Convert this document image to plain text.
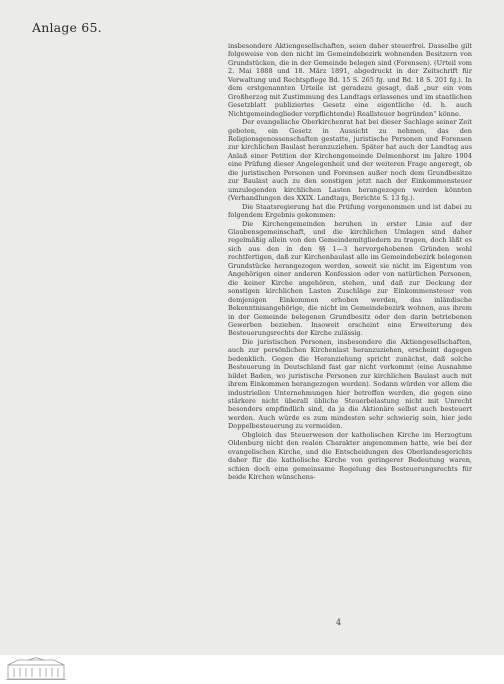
Anlage 65.

insbesondere Aktiengesellschaften, seien daher steuerfrei. Dasselbe gilt folgeweise von den nicht im Gemeindebezirk wohnenden Besitzern von Grundstücken, die in der Gemeinde belegen sind (Forensen). (Urteil vom 2. Mai 1888 und 18. März 1891, abgedruckt in der Zeitschrift für Verwaltung und Rechtspflege Bd. 15 S. 265 fg. und Bd. 18 S. 201 fg.). In dem erstgenannten Urteile ist geradezu gesagt, daß „nur ein vom Großherzog mit Zustimmung des Landtags erlassenes und im staatlichen Gesetzblatt publiziertes Gesetz eine eigentliche (d. h. auch Nichtgemeindeglieder verpflichtende) Reallsteuer begründen“ könne.

Der evangelische Oberkirchenrat hat bei dieser Sachlage seiner Zeit geboten, ein Gesetz in Aussicht zu nehmen, das den Religionsgenossenschaften gestatte, juristische Personen und Forensen zur kirchlichen Baulast heranzuziehen. Später hat auch der Landtag aus Anlaß einer Petition der Kirchengemeinde Delmenhorst im Jahre 1904 eine Prüfung dieser Angelegenheit und der weiteren Frage angeregt, ob die juristischen Personen und Forensen außer noch dem Grundbesitze zur Baulast auch zu den sonstigen jetzt nach der Einkommensteuer umzulegenden kirchlichen Lasten herangezogen werden könnten (Verhandlungen des XXIX. Landtags, Berichte S. 13 fg.).

Die Staatsregierung hat die Prüfung vorgenommen und ist dabei zu folgendem Ergebnis gekommen:

Die Kirchengemeinden beruhen in erster Linie auf der Glaubensgemeinschaft, und die kirchlichen Umlagen sind daher regelmäßig allein von den Gemeindemitgliedern zu tragen, doch läßt es sich aus den in den §§ 1—3 hervorgehobenen Gründen wohl rechtfertigen, daß zur Kirchenbaulast alle im Gemeindebezirk belegenen Grundstücke herangezogen werden, soweit sie nicht im Eigentum von Angehörigen einer anderen Konfession oder von natürlichen Personen, die keiner Kirche angehören, stehen, und daß zur Deckung der sonstigen kirchlichen Lasten Zuschläge zur Einkommensteuer von demjenigen Einkommen erhoben werden, das inländische Bekenntnisangehörige, die nicht im Gemeindebezirk wohnen, aus ihrem in der Gemeinde belegenen Grundbesitz oder den darin betriebenen Gewerben beziehen. Insoweit erscheint eine Erweiterung des Besteuerungsrechts der Kirche zulässig.

Die juristischen Personen, insbesondere die Aktiengesellschaften, auch zur persönlichen Kirchenlast heranzuziehen, erscheint dagegen bedenklich. Gegen die Heranziehung spricht zunächst, daß solche Besteuerung in Deutschland fast gar nicht vorkommt (eine Ausnahme bildet Baden, wo juristische Personen zur kirchlichen Baulast auch mit ihrem Einkommen herangezogen werden). Sodann würden vor allem die industriellen Unternehmungen hier betroffen werden, die gegen eine stärkere nicht überall übliche Steuerbelastung nicht mit Unrecht besonders empfindlich sind, da ja die Aktionäre selbst auch besteuert werden. Auch würde es zum mindesten sehr schwierig sein, hier jede Doppelbesteuerung zu vermeiden.

Obgleich das Steuerwesen der katholischen Kirche im Herzogtum Oldenburg nicht den realen Charakter angenommen hatte, wie bei der evangelischen Kirche, und die Entscheidungen des Oberlandesgerichts daher für die katholische Kirche von geringerer Bedeutung waren, schien doch eine gemeinsame Regelung des Besteuerungsrechts für beide Kirchen wünschens-

4
